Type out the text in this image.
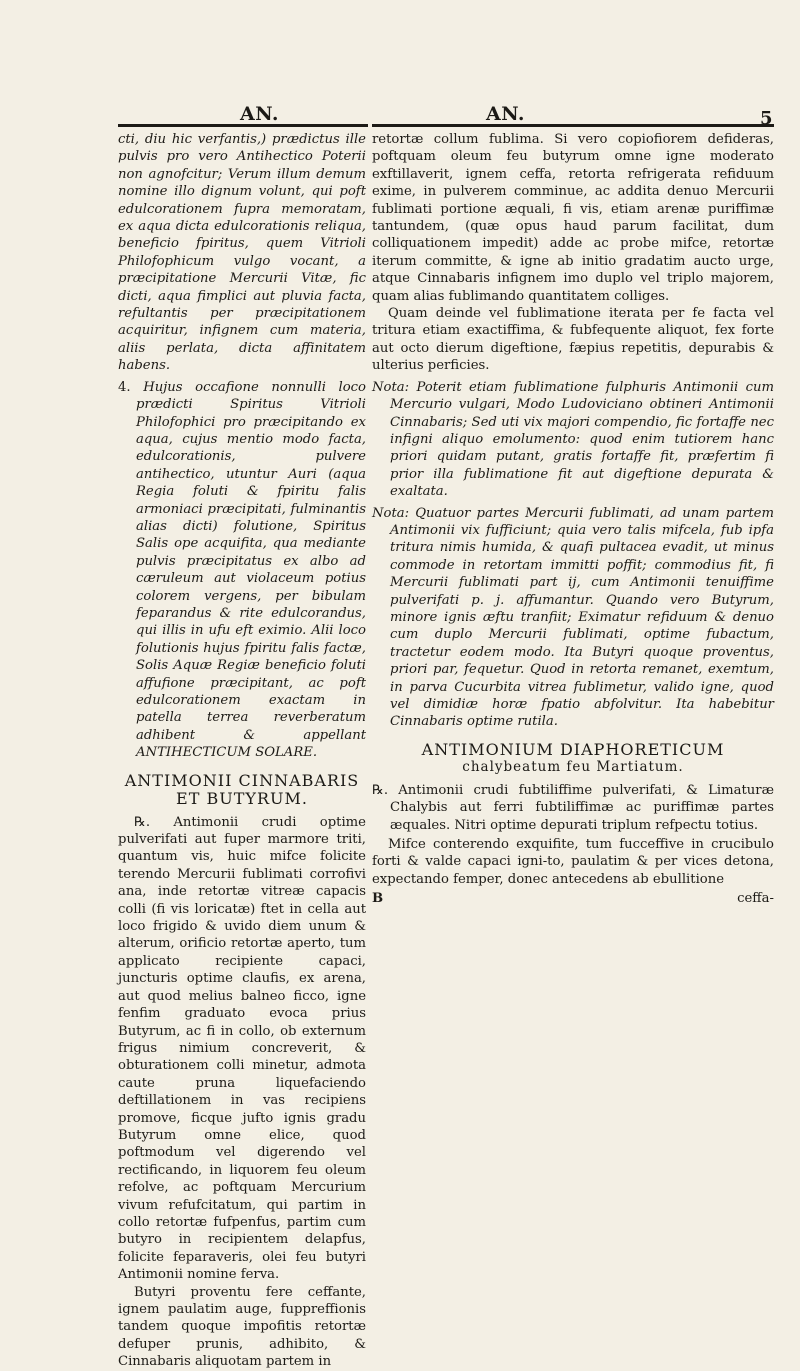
AN.	AN.	5

cti, diu hic verfantis,) prædictus ille pulvis pro vero Antihectico Poterii non agnofcitur; Verum illum demum nomine illo dignum volunt, qui poft edulcorationem fupra memoratam, ex aqua dicta edulcorationis reliqua, beneficio fpiritus, quem Vitrioli Philofophicum vulgo vocant, a præcipitatione Mercurii Vitæ, fic dicti, aqua fimplici aut pluvia facta, refultantis per præcipitationem acquiritur, infignem cum materia, aliis perlata, dicta affinitatem habens.

4. Hujus occafione nonnulli loco prædicti Spiritus Vitrioli Philofophici pro præcipitando ex aqua, cujus mentio modo facta, edulcorationis, pulvere antihectico, utuntur Auri (aqua Regia foluti & fpiritu falis armoniaci præcipitati, fulminantis alias dicti) folutione, Spiritus Salis ope acquifita, qua mediante pulvis præcipitatus ex albo ad cæruleum aut violaceum potius colorem vergens, per bibulam feparandus & rite edulcorandus, qui illis in ufu eft eximio. Alii loco folutionis hujus fpiritu falis factæ, Solis Aquæ Regiæ beneficio foluti affufione præcipitant, ac poft edulcorationem exactam in patella terrea reverberatum adhibent & appellant ANTIHECTICUM SOLARE.

ANTIMONII CINNABARIS
ET BUTYRUM.

℞. Antimonii crudi optime pulverifati aut fuper marmore triti, quantum vis, huic mifce folicite terendo Mercurii fublimati corrofivi ana, inde retortæ vitreæ capacis colli (fi vis loricatæ) ftet in cella aut loco frigido & uvido diem unum & alterum, orificio retortæ aperto, tum applicato recipiente capaci, juncturis optime claufis, ex arena, aut quod melius balneo ficco, igne fenfim graduato evoca prius Butyrum, ac fi in collo, ob externum frigus nimium concreverit, & obturationem colli minetur, admota caute pruna liquefaciendo deftillationem in vas recipiens promove, ficque jufto ignis gradu Butyrum omne elice, quod poftmodum vel digerendo vel rectificando, in liquorem feu oleum refolve, ac poftquam Mercurium vivum refufcitatum, qui partim in collo retortæ fufpenfus, partim cum butyro in recipientem delapfus, folicite feparaveris, olei feu butyri Antimonii nomine ferva.

Butyri proventu fere ceffante, ignem paulatim auge, fuppreffionis tandem quoque impofitis retortæ defuper prunis, adhibito, & Cinnabaris aliquotam partem in

retortæ collum fublima. Si vero copiofiorem defideras, poftquam oleum feu butyrum omne igne moderato exftillaverit, ignem ceffa, retorta refrigerata refiduum exime, in pulverem comminue, ac addita denuo Mercurii fublimati portione æquali, fi vis, etiam arenæ puriffimæ tantundem, (quæ opus haud parum facilitat, dum colliquationem impedit) adde ac probe mifce, retortæ iterum committe, & igne ab initio gradatim aucto urge, atque Cinnabaris infignem imo duplo vel triplo majorem, quam alias fublimando quantitatem colliges.

Quam deinde vel fublimatione iterata per fe facta vel tritura etiam exactiffima, & fubfequente aliquot, fex forte aut octo dierum digeftione, fæpius repetitis, depurabis & ulterius perficies.

Nota: Poterit etiam fublimatione fulphuris Antimonii cum Mercurio vulgari, Modo Ludoviciano obtineri Antimonii Cinnabaris; Sed uti vix majori compendio, fic fortaffe nec infigni aliquo emolumento: quod enim tutiorem hanc priori quidam putant, gratis fortaffe fit, præfertim fi prior illa fublimatione fit aut digeftione depurata & exaltata.

Nota: Quatuor partes Mercurii fublimati, ad unam partem Antimonii vix fufficiunt; quia vero talis mifcela, fub ipfa tritura nimis humida, & quafi pultacea evadit, ut minus commode in retortam immitti poffit; commodius fit, fi Mercurii fublimati part ij, cum Antimonii tenuiffime pulverifati p. j. affumantur. Quando vero Butyrum, minore ignis æftu tranfiit; Eximatur refiduum & denuo cum duplo Mercurii fublimati, optime fubactum, tractetur eodem modo. Ita Butyri quoque proventus, priori par, fequetur. Quod in retorta remanet, exemtum, in parva Cucurbita vitrea fublimetur, valido igne, quod vel dimidiæ horæ fpatio abfolvitur. Ita habebitur Cinnabaris optime rutila.

ANTIMONIUM DIAPHORETICUM
chalybeatum feu Martiatum.

℞. Antimonii crudi fubtiliffime pulverifati, & Limaturæ Chalybis aut ferri fubtiliffimæ ac puriffimæ partes æquales. Nitri optime depurati triplum refpectu totius.

Mifce conterendo exquifite, tum fucceffive in crucibulo forti & valde capaci igni-to, paulatim & per vices detona, expectando femper, donec antecedens ab ebullitione

B	ceffa-
